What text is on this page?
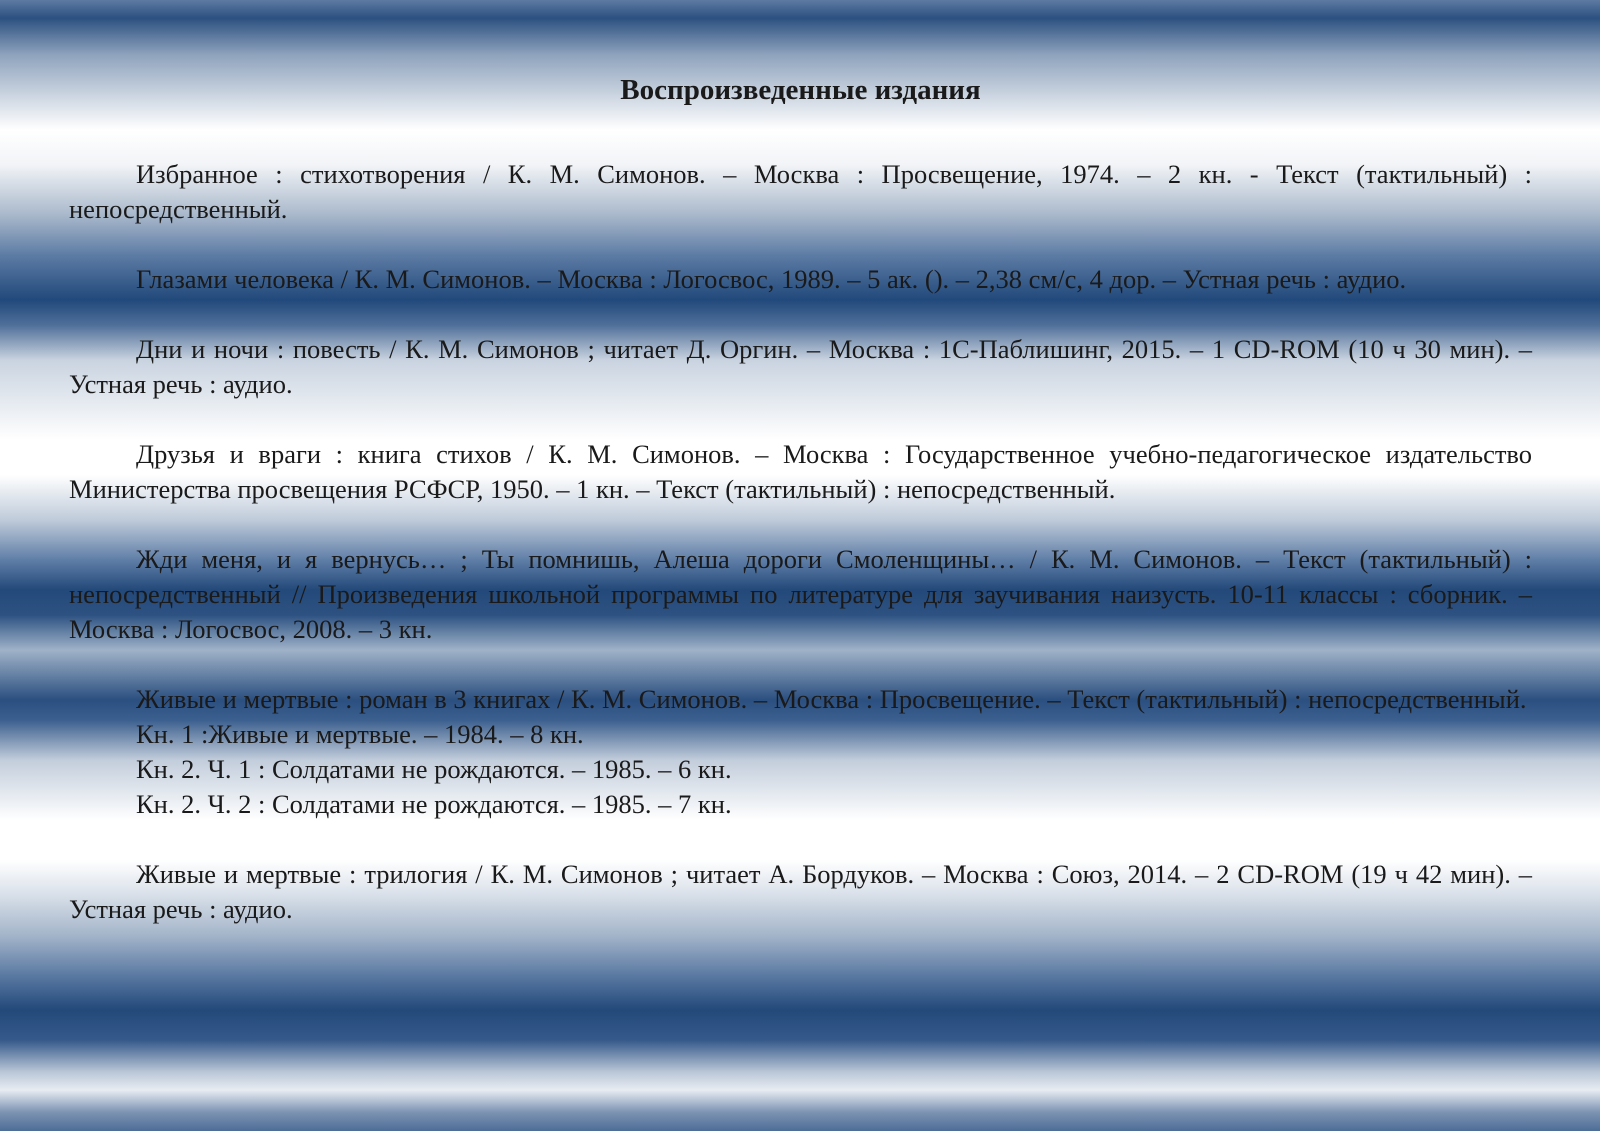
Воспроизведенные издания
Избранное : стихотворения / К. М. Симонов. – Москва : Просвещение, 1974. – 2 кн. - Текст (тактильный) : непосредственный.
Глазами человека / К. М. Симонов. – Москва : Логосвос, 1989. – 5 ак. (). – 2,38 см/с, 4 дор. – Устная речь : аудио.
Дни и ночи : повесть / К. М. Симонов ; читает Д. Оргин. – Москва : 1С-Паблишинг, 2015. – 1 CD-ROM (10 ч 30 мин). – Устная речь : аудио.
Друзья и враги : книга стихов / К. М. Симонов. – Москва : Государственное учебно-педагогическое издательство Министерства просвещения РСФСР, 1950. – 1 кн. – Текст (тактильный) : непосредственный.
Жди меня, и я вернусь… ; Ты помнишь, Алеша дороги Смоленщины… / К. М. Симонов. – Текст (тактильный) : непосредственный // Произведения школьной программы по литературе для заучивания наизусть. 10-11 классы : сборник. – Москва : Логосвос, 2008. – 3 кн.
Живые и мертвые : роман в 3 книгах / К. М. Симонов. – Москва : Просвещение. – Текст (тактильный) : непосредственный.
Кн. 1 :Живые и мертвые. – 1984. – 8 кн.
Кн. 2. Ч. 1 : Солдатами не рождаются. – 1985. – 6 кн.
Кн. 2. Ч. 2 : Солдатами не рождаются. – 1985. – 7 кн.
Живые и мертвые : трилогия / К. М. Симонов ; читает А. Бордуков. – Москва : Союз, 2014. – 2 CD-ROM (19 ч 42 мин). – Устная речь : аудио.
